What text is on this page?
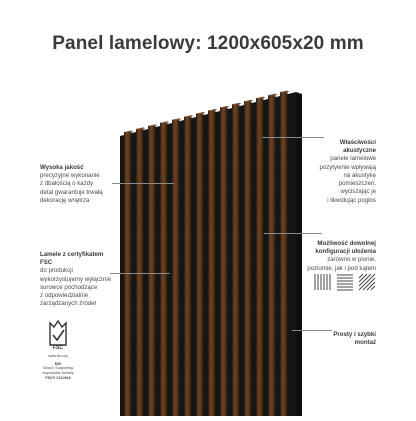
Panel lamelowy: 1200x605x20 mm
Wysoka jakość
precyzyjne wykonanie
z dbałością o każdy
detal gwarantuje trwałą
dekorację wnętrza
Lamele z certyfikatem
FSC
do produkcji
wykorzystujemy wyłącznie
surowce pochodzące
z odpowiedzialnie
zarządzanych źródeł
Właściwości
akustyczne
panele lamelowe
pozytywnie wpływają
na akustykę
pomieszczeń,
wyciszając je
i likwidując pogłos
Możliwość dowolnej
konfiguracji ułożenia
zarówno w pionie,
poziomie, jak i pod kątem
Prosty i szybki
montaż
FSC
www.fsc.org
MIX
Wood | Supporting
responsible forestry
FSC® C114918
